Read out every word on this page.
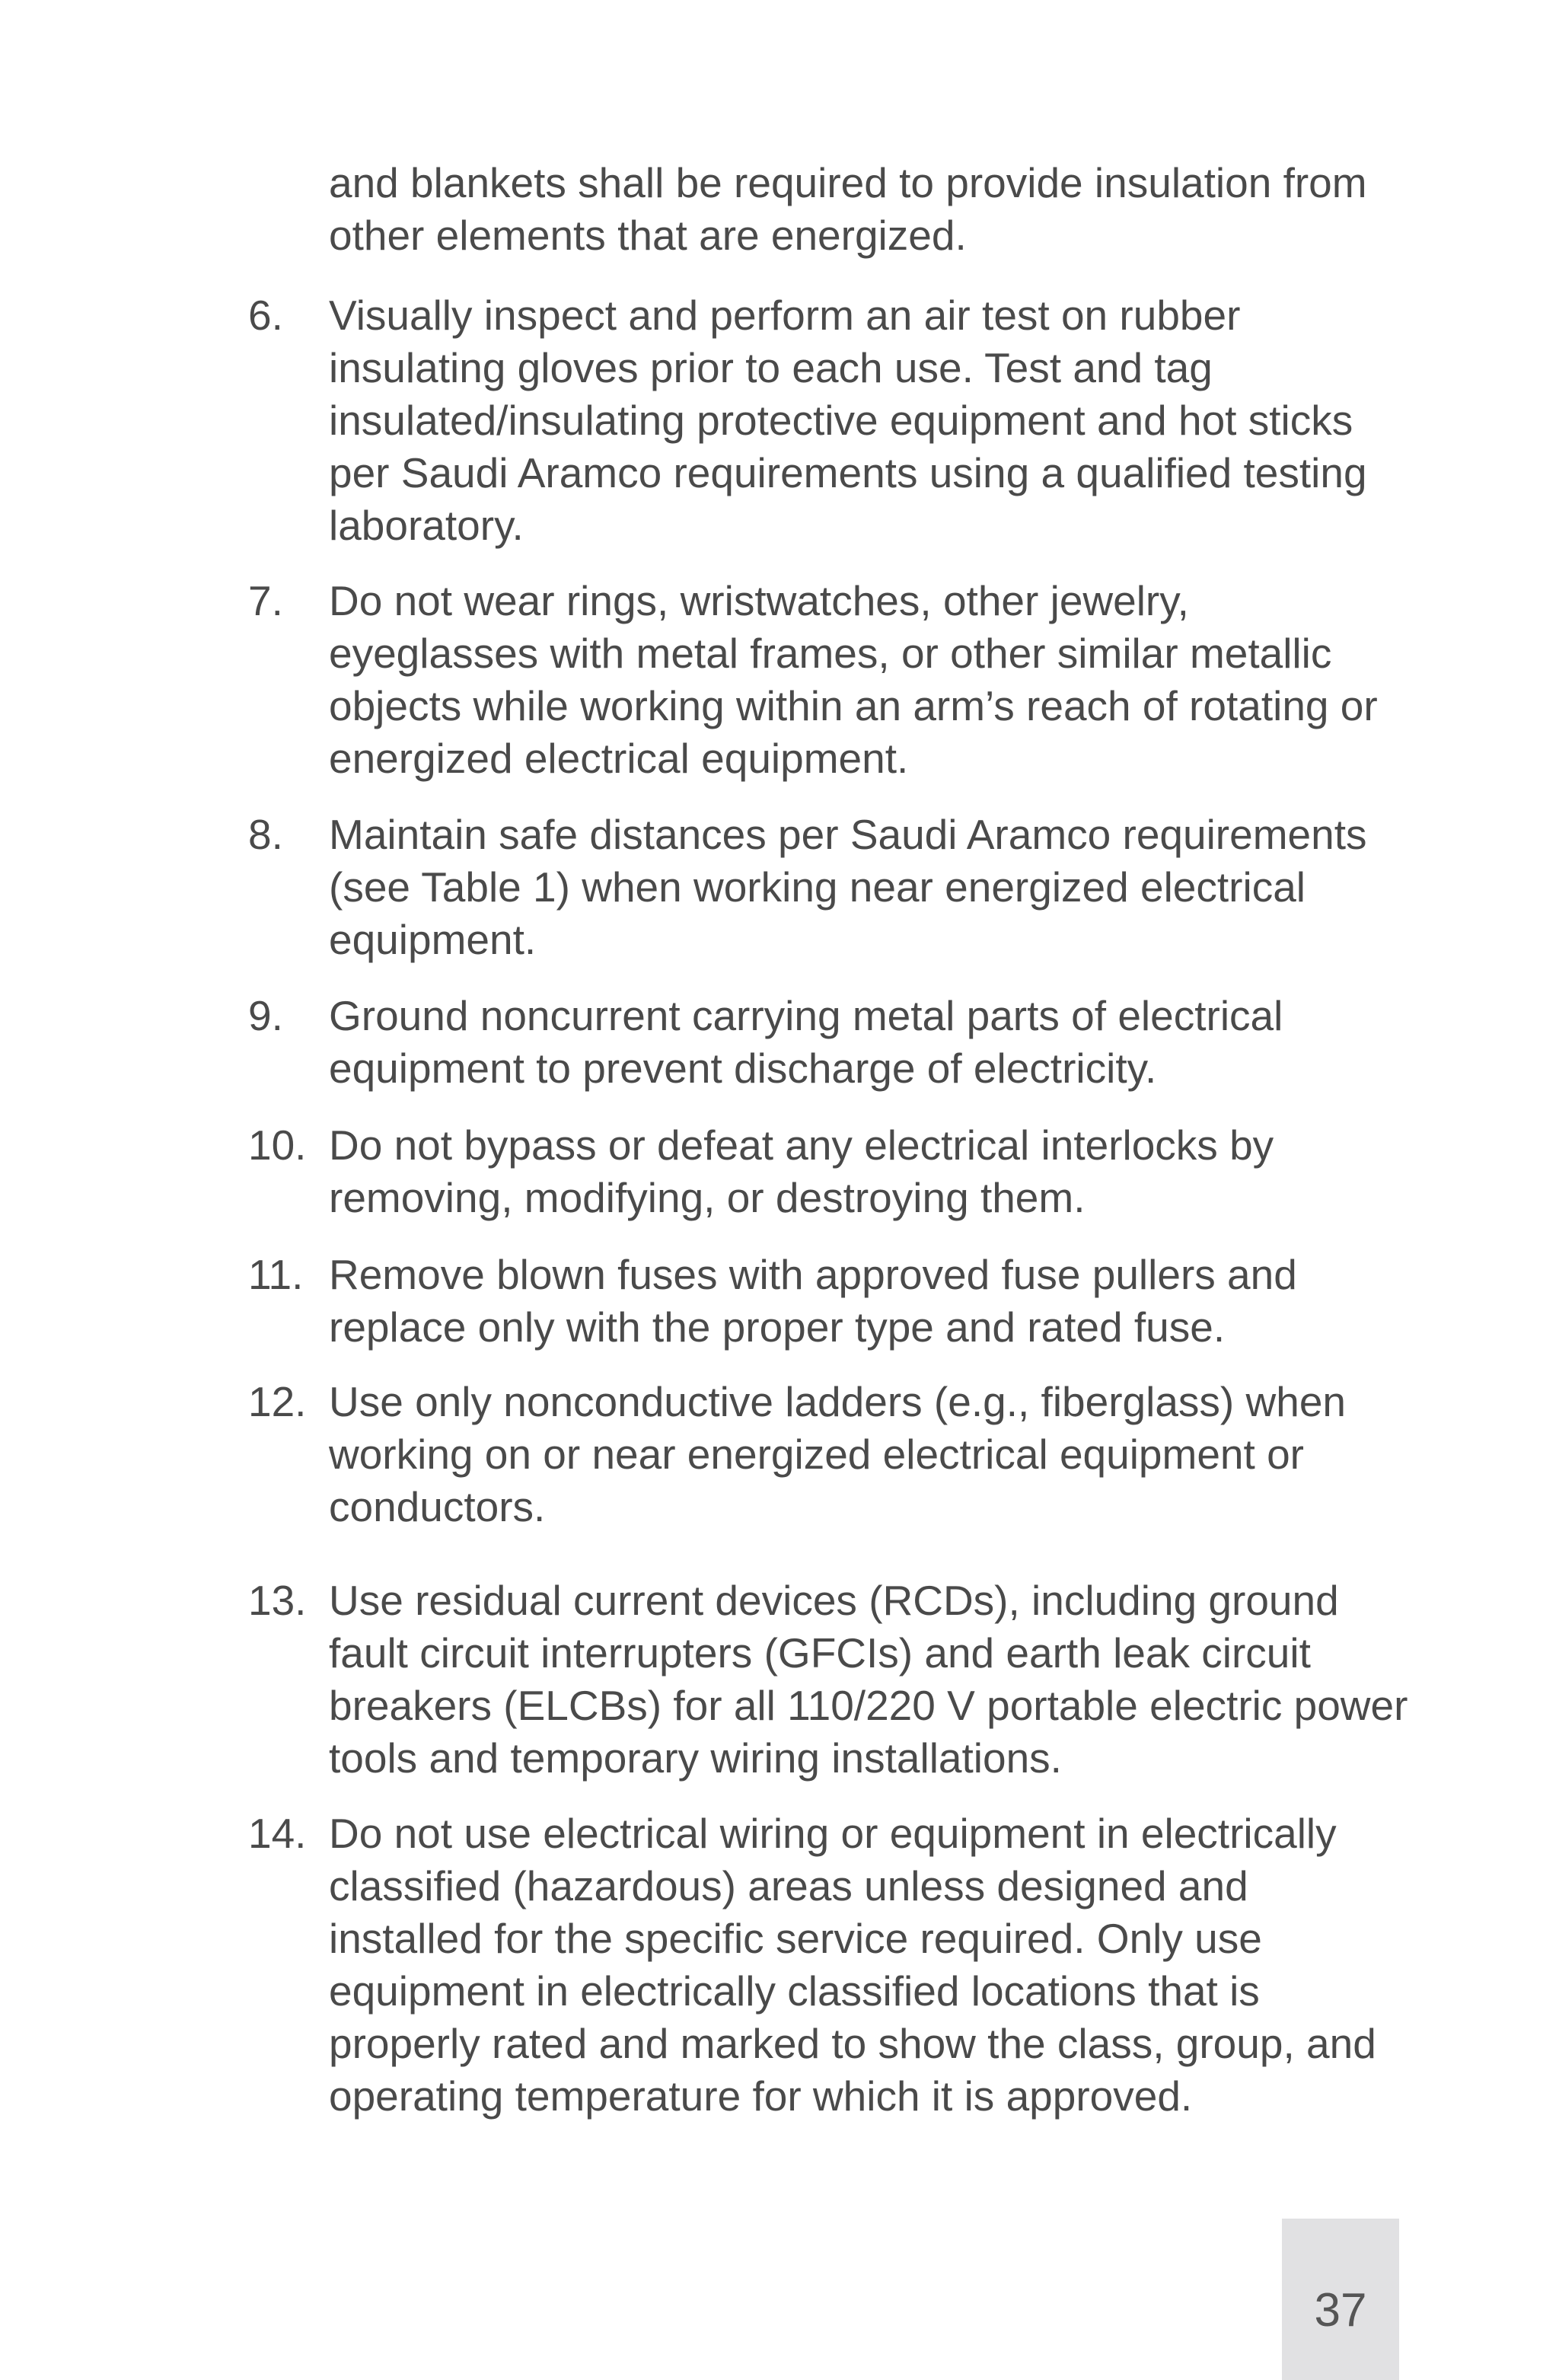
and blankets shall be required to provide insulation from other elements that are energized.
6.	Visually inspect and perform an air test on rubber insulating gloves prior to each use. Test and tag insulated/insulating protective equipment and hot sticks per Saudi Aramco requirements using a qualified testing laboratory.
7.	Do not wear rings, wristwatches, other jewelry, eyeglasses with metal frames, or other similar metallic objects while working within an arm’s reach of rotating or energized electrical equipment.
8.	Maintain safe distances per Saudi Aramco requirements (see Table 1) when working near energized electrical equipment.
9.	Ground noncurrent carrying metal parts of electrical equipment to prevent discharge of electricity.
10. Do not bypass or defeat any electrical interlocks by removing, modifying, or destroying them.
11. Remove blown fuses with approved fuse pullers and replace only with the proper type and rated fuse.
12. Use only nonconductive ladders (e.g., fiberglass) when working on or near energized electrical equipment or conductors.
13. Use residual current devices (RCDs), including ground fault circuit interrupters (GFCIs) and earth leak circuit breakers (ELCBs) for all 110/220 V portable electric power tools and temporary wiring installations.
14. Do not use electrical wiring or equipment in electrically classified (hazardous) areas unless designed and installed for the specific service required. Only use equipment in electrically classified locations that is properly rated and marked to show the class, group, and operating temperature for which it is approved.
37
